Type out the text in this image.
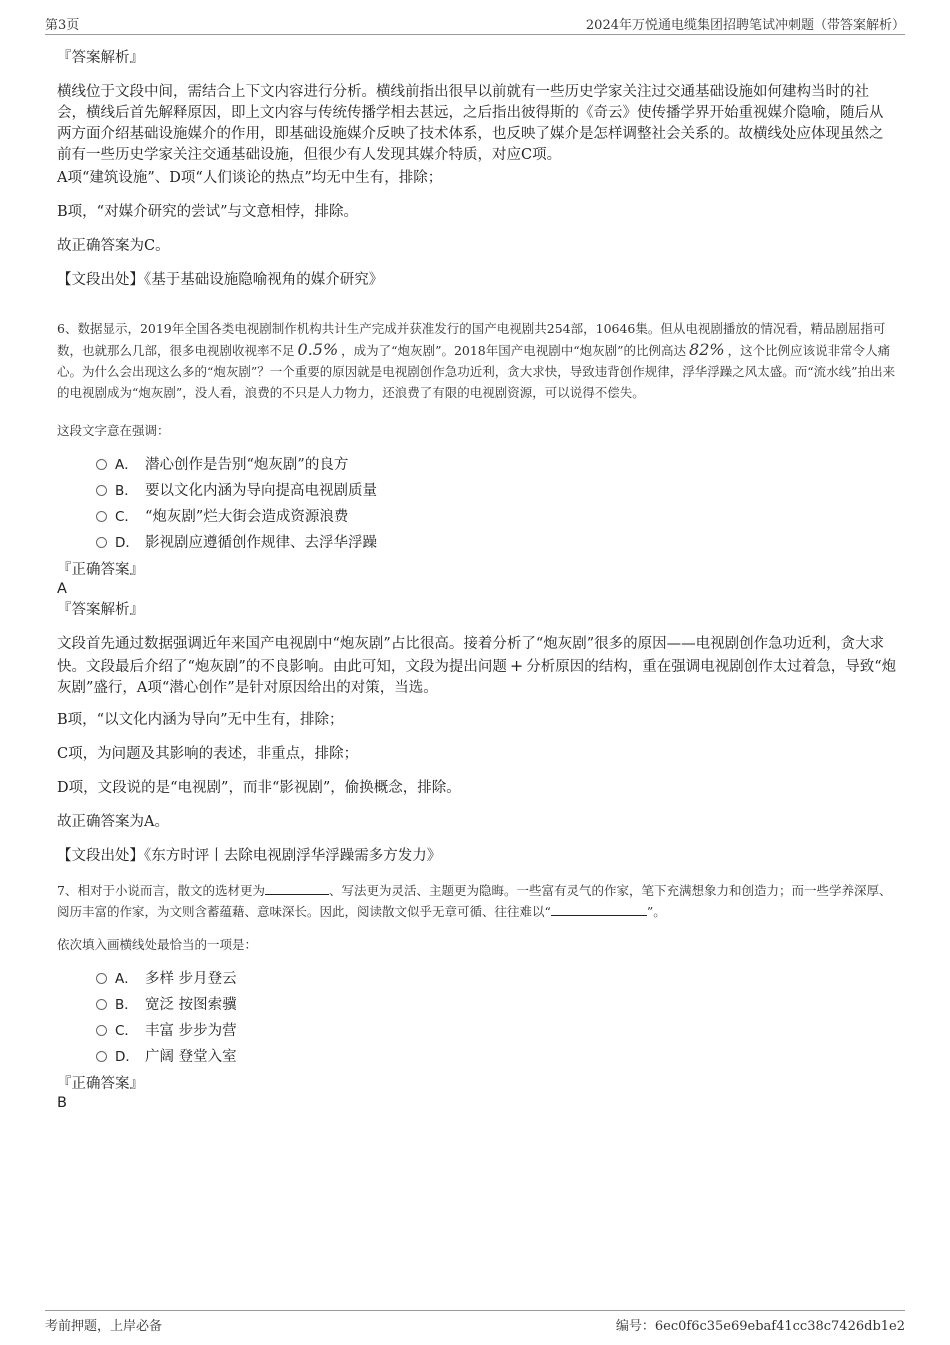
第3页	2024年万悦通电缆集团招聘笔试冲刺题（带答案解析）
『答案解析』
横线位于文段中间，需结合上下文内容进行分析。横线前指出很早以前就有一些历史学家关注过交通基础设施如何建构当时的社会，横线后首先解释原因，即上文内容与传统传播学相去甚远，之后指出彼得斯的《奇云》使传播学界开始重视媒介隐喻，随后从两方面介绍基础设施媒介的作用，即基础设施媒介反映了技术体系，也反映了媒介是怎样调整社会关系的。故横线处应体现虽然之前有一些历史学家关注交通基础设施，但很少有人发现其媒介特质，对应C项。
A项“建筑设施”、D项“人们谈论的热点”均无中生有，排除；
B项，“对媒介研究的尝试”与文意相悖，排除。
故正确答案为C。
【文段出处】《基于基础设施隐喻视角的媒介研究》
6、数据显示，2019年全国各类电视剧制作机构共计生产完成并获准发行的国产电视剧共254部，10646集。但从电视剧播放的情况看，精品剧屈指可数，也就那么几部，很多电视剧收视率不足 0.5% ，成为了“炮灰剧”。2018年国产电视剧中“炮灰剧”的比例高达 82% ，这个比例应该说非常令人痛心。为什么会出现这么多的“炮灰剧”？一个重要的原因就是电视剧创作急功近利，贪大求快，导致违背创作规律，浮华浮躁之风太盛。而“流水线”拍出来的电视剧成为“炮灰剧”，没人看，浪费的不只是人力物力，还浪费了有限的电视剧资源，可以说得不偿失。
这段文字意在强调：
A． 潜心创作是告别“炮灰剧”的良方
B． 要以文化内涵为导向提高电视剧质量
C． “炮灰剧”烂大街会造成资源浪费
D． 影视剧应遵循创作规律、去浮华浮躁
『正确答案』
A
『答案解析』
文段首先通过数据强调近年来国产电视剧中“炮灰剧”占比很高。接着分析了“炮灰剧”很多的原因——电视剧创作急功近利，贪大求快。文段最后介绍了“炮灰剧”的不良影响。由此可知，文段为提出问题 + 分析原因的结构，重在强调电视剧创作太过着急，导致“炮灰剧”盛行，A项“潜心创作”是针对原因给出的对策，当选。
B项，“以文化内涵为导向”无中生有，排除；
C项，为问题及其影响的表述，非重点，排除；
D项，文段说的是“电视剧”，而非“影视剧”，偷换概念，排除。
故正确答案为A。
【文段出处】《东方时评丨去除电视剧浮华浮躁需多方发力》
7、相对于小说而言，散文的选材更为	、写法更为灵活、主题更为隐晦。一些富有灵气的作家，笔下充满想象力和创造力；而一些学养深厚、阅历丰富的作家，为文则含蓄蕴藉、意味深长。因此，阅读散文似乎无章可循、往往难以“	”。
依次填入画横线处最恰当的一项是：
A． 多样 步月登云
B． 宽泛 按图索骥
C． 丰富 步步为营
D． 广阔 登堂入室
『正确答案』
B
考前押题，上岸必备	编号：6ec0f6c35e69ebaf41cc38c7426db1e2
